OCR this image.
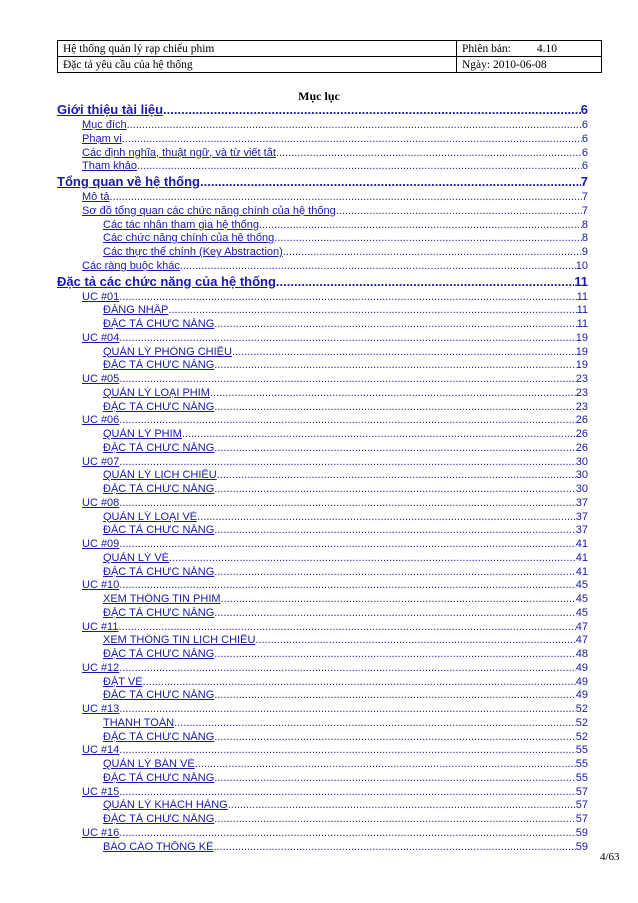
Hệ thống quản lý rạp chiếu phim	Phiên bản: 4.10
Đặc tả yêu cầu của hệ thống	Ngày: 2010-06-08
Mục lục
Giới thiệu tài liệu .....	6
Mục đích .....	6
Phạm vi .....	6
Các định nghĩa, thuật ngữ, và từ viết tắt .....	6
Tham khảo .....	6
Tổng quan về hệ thống .....	7
Mô tả .....	7
Sơ đồ tổng quan các chức năng chính của hệ thống .....	7
Các tác nhân tham gia hệ thống .....	8
Các chức năng chính của hệ thống .....	8
Các thực thể chính (Key Abstraction) .....	9
Các ràng buộc khác .....	10
Đặc tả các chức năng của hệ thống .....	11
UC #01 .....	11
ĐĂNG NHẬP .....	11
ĐẶC TẢ CHỨC NĂNG .....	11
UC #04 .....	19
QUẢN LÝ PHÒNG CHIẾU .....	19
ĐẶC TẢ CHỨC NĂNG .....	19
UC #05 .....	23
QUẢN LÝ LOẠI PHIM .....	23
ĐẶC TẢ CHỨC NĂNG .....	23
UC #06 .....	26
QUẢN LÝ PHIM .....	26
ĐẶC TẢ CHỨC NĂNG .....	26
UC #07 .....	30
QUẢN LÝ LỊCH CHIẾU .....	30
ĐẶC TẢ CHỨC NĂNG .....	30
UC #08 .....	37
QUẢN LÝ LOẠI VÉ .....	37
ĐẶC TẢ CHỨC NĂNG .....	37
UC #09 .....	41
QUẢN LÝ VÉ .....	41
ĐẶC TẢ CHỨC NĂNG .....	41
UC #10 .....	45
XEM THÔNG TIN PHIM .....	45
ĐẶC TẢ CHỨC NĂNG .....	45
UC #11 .....	47
XEM THÔNG TIN LỊCH CHIẾU .....	47
ĐẶC TẢ CHỨC NĂNG .....	48
UC #12 .....	49
ĐẶT VÉ .....	49
ĐẶC TẢ CHỨC NĂNG .....	49
UC #13 .....	52
THANH TOÁN .....	52
ĐẶC TẢ CHỨC NĂNG .....	52
UC #14 .....	55
QUẢN LÝ BÁN VÉ .....	55
ĐẶC TẢ CHỨC NĂNG .....	55
UC #15 .....	57
QUẢN LÝ KHÁCH HÀNG .....	57
ĐẶC TẢ CHỨC NĂNG .....	57
UC #16 .....	59
BÁO CÁO THỐNG KÊ .....	59
4/63
